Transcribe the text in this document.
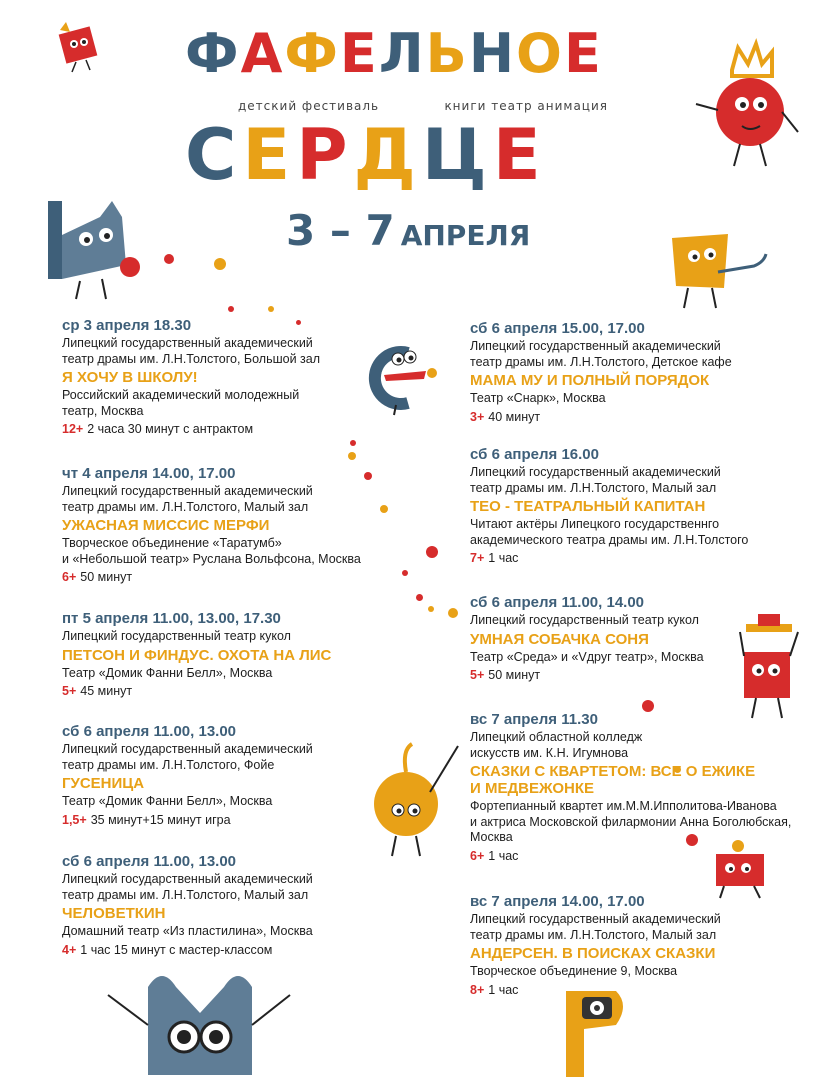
Ф А Ф Е Л Ь Н О Е
детский фестиваль	книги театр анимация
С Е Р Д Ц Е
3 – 7 АПРЕЛЯ
ср 3 апреля 18.30
Липецкий государственный академический
театр драмы им. Л.Н.Толстого, Большой зал
Я ХОЧУ В ШКОЛУ!
Российский академический молодежный
театр, Москва
12+ 2 часа 30 минут с антрактом
чт 4 апреля 14.00, 17.00
Липецкий государственный академический
театр драмы им. Л.Н.Толстого, Малый зал
УЖАСНАЯ МИССИС МЕРФИ
Творческое объединение «Таратумб»
и «Небольшой театр» Руслана Вольфсона, Москва
6+ 50 минут
пт 5 апреля 11.00, 13.00, 17.30
Липецкий государственный театр кукол
ПЕТСОН И ФИНДУС. ОХОТА НА ЛИС
Театр «Домик Фанни Белл», Москва
5+ 45 минут
сб 6 апреля 11.00, 13.00
Липецкий государственный академический
театр драмы им. Л.Н.Толстого, Фойе
ГУСЕНИЦА
Театр «Домик Фанни Белл», Москва
1,5+ 35 минут+15 минут игра
сб 6 апреля 11.00, 13.00
Липецкий государственный академический
театр драмы им. Л.Н.Толстого, Малый зал
ЧЕЛОВЕТКИН
Домашний театр «Из пластилина», Москва
4+ 1 час 15 минут с мастер-классом
сб 6 апреля 15.00, 17.00
Липецкий государственный академический
театр драмы им. Л.Н.Толстого, Детское кафе
МАМА МУ И ПОЛНЫЙ ПОРЯДОК
Театр «Снарк», Москва
3+ 40 минут
сб 6 апреля 16.00
Липецкий государственный академический
театр драмы им. Л.Н.Толстого, Малый зал
ТЕО - ТЕАТРАЛЬНЫЙ КАПИТАН
Читают актёры Липецкого государственнго
академического театра драмы им. Л.Н.Толстого
7+ 1 час
сб 6 апреля 11.00, 14.00
Липецкий государственный театр кукол
УМНАЯ СОБАЧКА СОНЯ
Театр «Среда» и «Vдруг театр», Москва
5+ 50 минут
вс 7 апреля 11.30
Липецкий областной колледж
искусств им. К.Н. Игумнова
СКАЗКИ С КВАРТЕТОМ: ВСЕ О ЕЖИКЕ
И МЕДВЕЖОНКЕ
Фортепианный квартет им.М.М.Ипполитова-Иванова
и актриса Московской филармонии Анна Боголюбская,
Москва
6+ 1 час
вс 7 апреля 14.00, 17.00
Липецкий государственный академический
театр драмы им. Л.Н.Толстого, Малый зал
АНДЕРСЕН. В ПОИСКАХ СКАЗКИ
Творческое объединение 9, Москва
8+ 1 час
